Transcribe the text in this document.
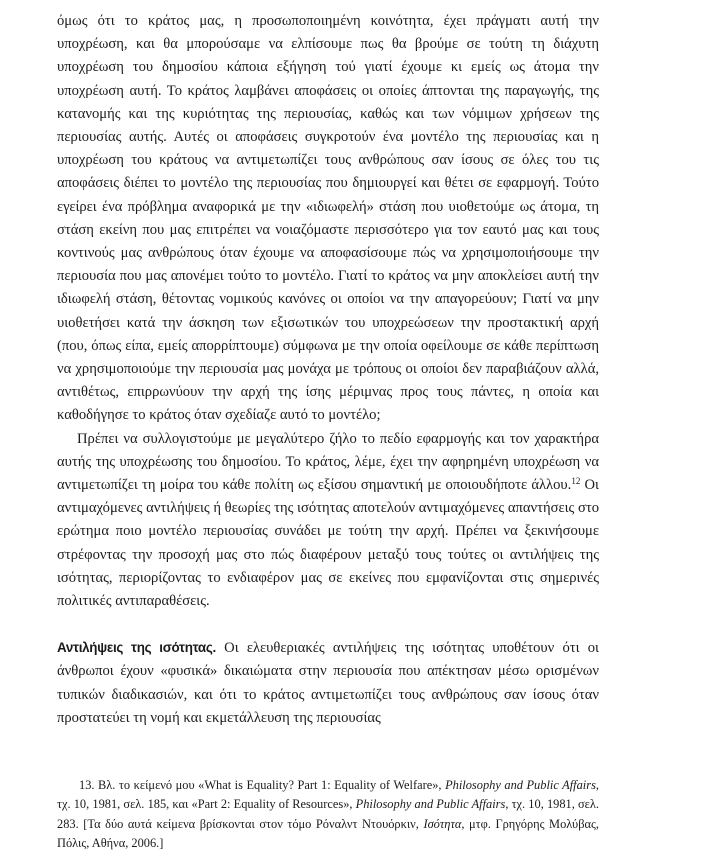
όμως ότι το κράτος μας, η προσωποποιημένη κοινότητα, έχει πράγματι αυτή την υποχρέωση, και θα μπορούσαμε να ελπίσουμε πως θα βρούμε σε τούτη τη διάχυτη υποχρέωση του δημοσίου κάποια εξήγηση τού γιατί έχουμε κι εμείς ως άτομα την υποχρέωση αυτή. Το κράτος λαμβάνει αποφάσεις οι οποίες άπτονται της παραγωγής, της κατανομής και της κυριότητας της περιουσίας, καθώς και των νόμιμων χρήσεων της περιουσίας αυτής. Αυτές οι αποφάσεις συγκροτούν ένα μοντέλο της περιουσίας και η υποχρέωση του κράτους να αντιμετωπίζει τους ανθρώπους σαν ίσους σε όλες του τις αποφάσεις διέπει το μοντέλο της περιουσίας που δημιουργεί και θέτει σε εφαρμογή. Τούτο εγείρει ένα πρόβλημα αναφορικά με την «ιδιωφελή» στάση που υιοθετούμε ως άτομα, τη στάση εκείνη που μας επιτρέπει να νοιαζόμαστε περισσότερο για τον εαυτό μας και τους κοντινούς μας ανθρώπους όταν έχουμε να αποφασίσουμε πώς να χρησιμοποιήσουμε την περιουσία που μας απονέμει τούτο το μοντέλο. Γιατί το κράτος να μην αποκλείσει αυτή την ιδιωφελή στάση, θέτοντας νομικούς κανόνες οι οποίοι να την απαγορεύουν; Γιατί να μην υιοθετήσει κατά την άσκηση των εξισωτικών του υποχρεώσεων την προστακτική αρχή (που, όπως είπα, εμείς απορρίπτουμε) σύμφωνα με την οποία οφείλουμε σε κάθε περίπτωση να χρησιμοποιούμε την περιουσία μας μονάχα με τρόπους οι οποίοι δεν παραβιάζουν αλλά, αντιθέτως, επιρρωνύουν την αρχή της ίσης μέριμνας προς τους πάντες, η οποία και καθοδήγησε το κράτος όταν σχεδίαζε αυτό το μοντέλο;

Πρέπει να συλλογιστούμε με μεγαλύτερο ζήλο το πεδίο εφαρμογής και τον χαρακτήρα αυτής της υποχρέωσης του δημοσίου. Το κράτος, λέμε, έχει την αφηρημένη υποχρέωση να αντιμετωπίζει τη μοίρα του κάθε πολίτη ως εξίσου σημαντική με οποιουδήποτε άλλου.$^{12}$ Οι αντιμαχόμενες αντιλήψεις ή θεωρίες της ισότητας αποτελούν αντιμαχόμενες απαντήσεις στο ερώτημα ποιο μοντέλο περιουσίας συνάδει με τούτη την αρχή. Πρέπει να ξεκινήσουμε στρέφοντας την προσοχή μας στο πώς διαφέρουν μεταξύ τους τούτες οι αντιλήψεις της ισότητας, περιορίζοντας το ενδιαφέρον μας σε εκείνες που εμφανίζονται στις σημερινές πολιτικές αντιπαραθέσεις.

Αντιλήψεις της ισότητας. Οι ελευθεριακές αντιλήψεις της ισότητας υποθέτουν ότι οι άνθρωποι έχουν «φυσικά» δικαιώματα στην περιουσία που απέκτησαν μέσω ορισμένων τυπικών διαδικασιών, και ότι το κράτος αντιμετωπίζει τους ανθρώπους σαν ίσους όταν προστατεύει τη νομή και εκμετάλλευση της περιουσίας

13. Βλ. το κείμενό μου «What is Equality? Part 1: Equality of Welfare», Philosophy and Public Affairs, τχ. 10, 1981, σελ. 185, και «Part 2: Equality of Resources», Philosophy and Public Affairs, τχ. 10, 1981, σελ. 283. [Τα δύο αυτά κείμενα βρίσκονται στον τόμο Ρόναλντ Ντουόρκιν, Ισότητα, μτφ. Γρηγόρης Μολύβας, Πόλις, Αθήνα, 2006.]
